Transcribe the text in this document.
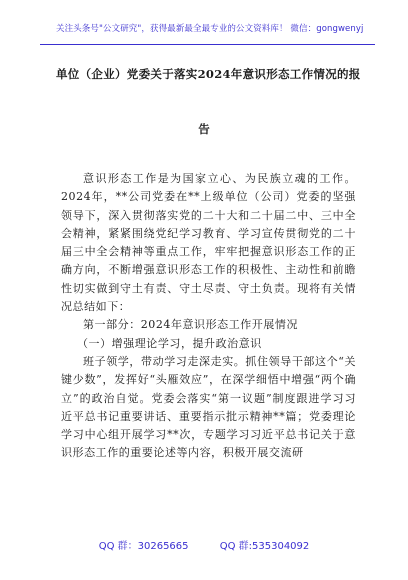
关注头条号"公文研究"，获得最新最全最专业的公文资料库！ 微信：gongwenyj
单位（企业）党委关于落实2024年意识形态工作情况的报
告

意识形态工作是为国家立心、为民族立魂的工作。2024年，**公司党委在**上级单位（公司）党委的坚强领导下，深入贯彻落实党的二十大和二十届二中、三中全会精神，紧紧围绕党纪学习教育、学习宣传贯彻党的二十届三中全会精神等重点工作，牢牢把握意识形态工作的正确方向，不断增强意识形态工作的积极性、主动性和前瞻性切实做到守土有责、守土尽责、守土负责。现将有关情况总结如下：

第一部分：2024年意识形态工作开展情况

（一）增强理论学习，提升政治意识

班子领学，带动学习走深走实。抓住领导干部这个“关键少数”，发挥好“头雁效应”，在深学细悟中增强“两个确立”的政治自觉。党委会落实“第一议题”制度跟进学习习近平总书记重要讲话、重要指示批示精神**篇；党委理论学习中心组开展学习**次，专题学习习近平总书记关于意识形态工作的重要论述等内容，积极开展交流研

QQ 群：30265665	QQ 群:535304092
